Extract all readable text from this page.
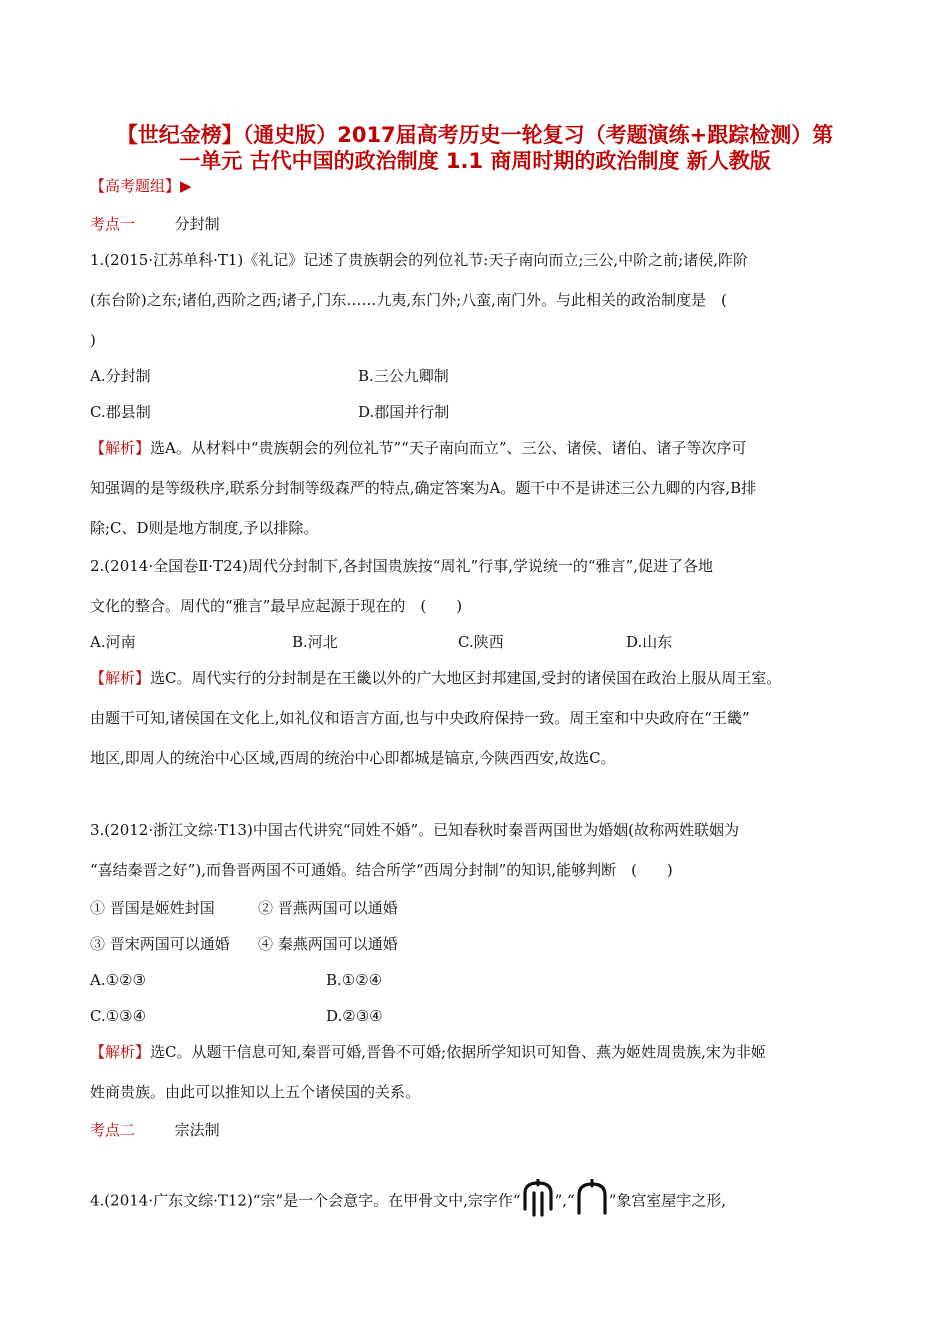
【世纪金榜】（通史版）2017届高考历史一轮复习（考题演练+跟踪检测）第
一单元 古代中国的政治制度 1.1 商周时期的政治制度 新人教版
【高考题组】▶
考点一	分封制
1.(2015·江苏单科·T1)《礼记》记述了贵族朝会的列位礼节:天子南向而立;三公,中阶之前;诸侯,阼阶
(东台阶)之东;诸伯,西阶之西;诸子,门东……九夷,东门外;八蛮,南门外。与此相关的政治制度是　(
)
A.分封制	B.三公九卿制
C.郡县制	D.郡国并行制
【解析】选A。从材料中“贵族朝会的列位礼节”“天子南向而立”、三公、诸侯、诸伯、诸子等次序可
知强调的是等级秩序,联系分封制等级森严的特点,确定答案为A。题干中不是讲述三公九卿的内容,B排
除;C、D则是地方制度,予以排除。
2.(2014·全国卷Ⅱ·T24)周代分封制下,各封国贵族按“周礼”行事,学说统一的“雅言”,促进了各地
文化的整合。周代的“雅言”最早应起源于现在的　(　　)
A.河南	B.河北	C.陕西	D.山东
【解析】选C。周代实行的分封制是在王畿以外的广大地区封邦建国,受封的诸侯国在政治上服从周王室。
由题干可知,诸侯国在文化上,如礼仪和语言方面,也与中央政府保持一致。周王室和中央政府在“王畿”
地区,即周人的统治中心区域,西周的统治中心即都城是镐京,今陕西西安,故选C。
3.(2012·浙江文综·T13)中国古代讲究“同姓不婚”。已知春秋时秦晋两国世为婚姻(故称两姓联姻为
“喜结秦晋之好”),而鲁晋两国不可通婚。结合所学“西周分封制”的知识,能够判断　(　　)
① 晋国是姬姓封国	② 晋燕两国可以通婚
③ 晋宋两国可以通婚 ④ 秦燕两国可以通婚
A.①②③	B.①②④
C.①③④	D.②③④
【解析】选C。从题干信息可知,秦晋可婚,晋鲁不可婚;依据所学知识可知鲁、燕为姬姓周贵族,宋为非姬
姓商贵族。由此可以推知以上五个诸侯国的关系。
考点二	宗法制
4.(2014·广东文综·T12)“宗”是一个会意字。在甲骨文中,宗字作“ ”,“ ”象宫室屋宇之形,
